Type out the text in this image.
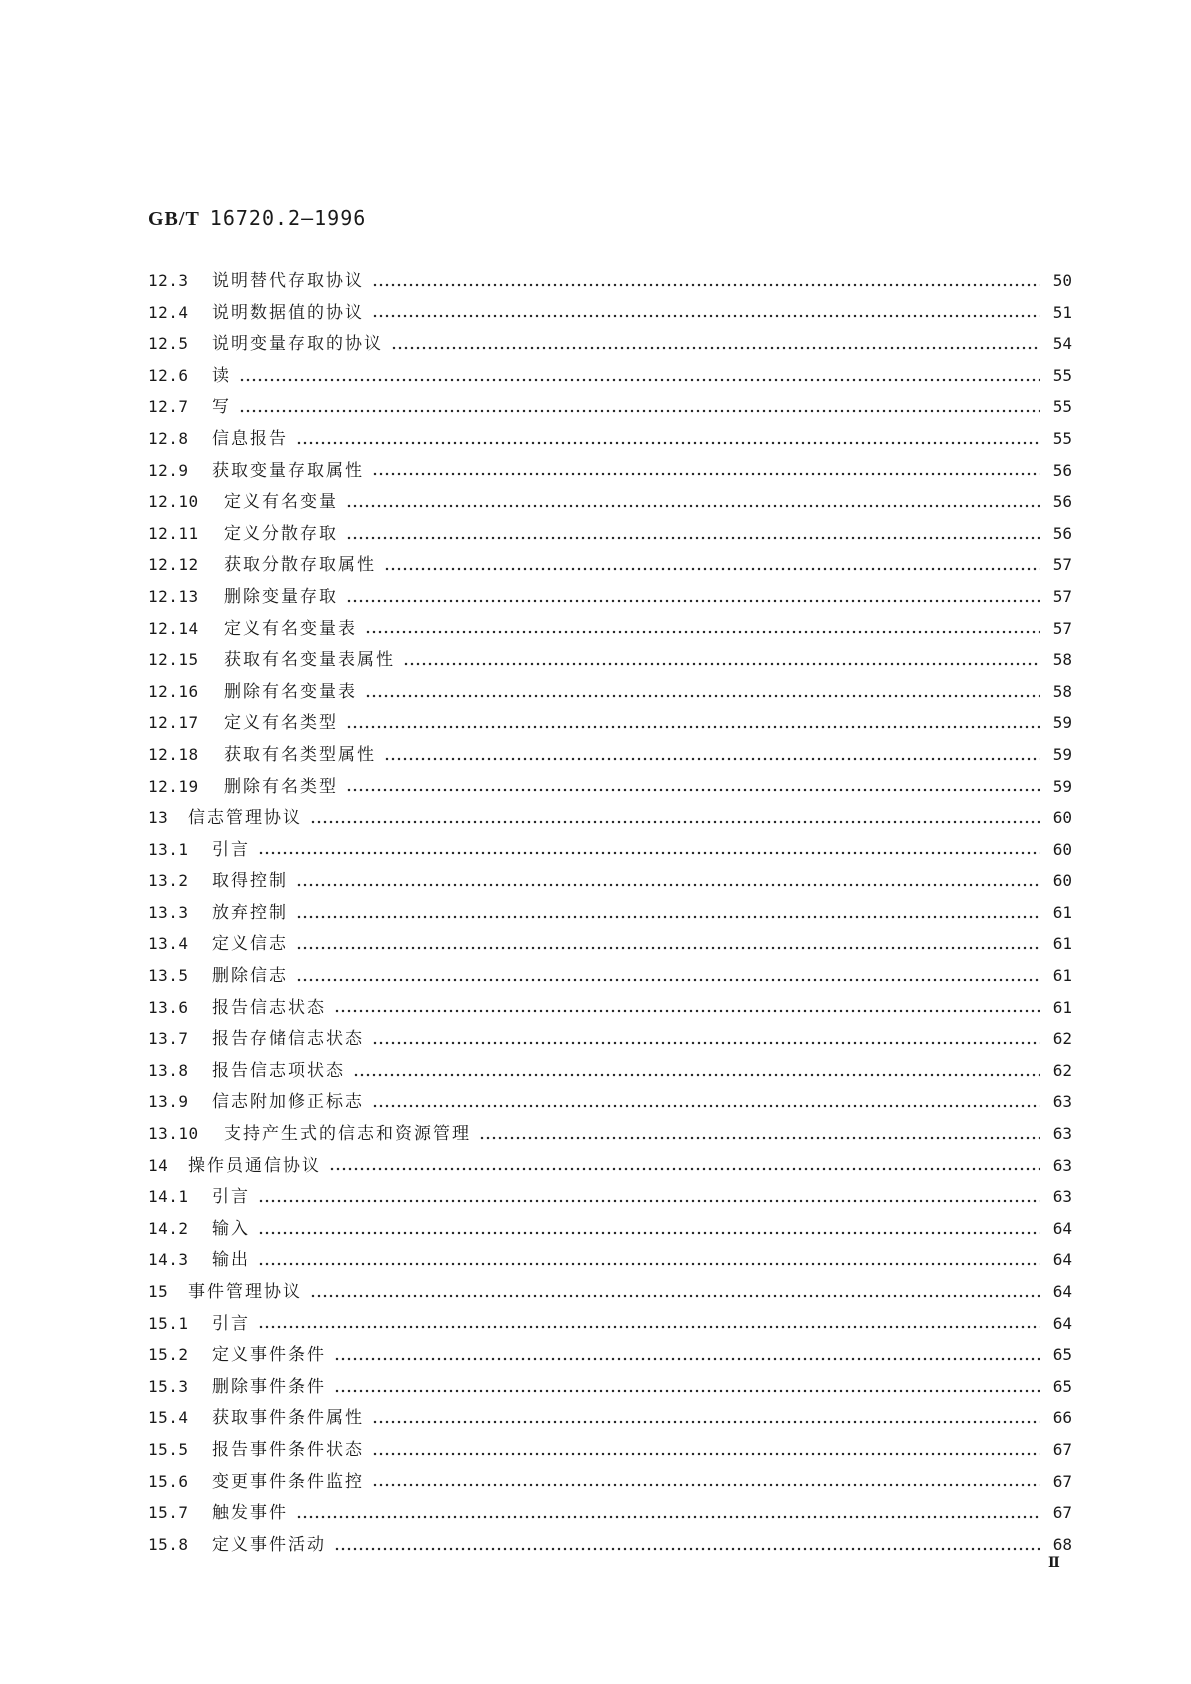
GB/T 16720.2—1996
12.3	说明替代存取协议	50
12.4	说明数据值的协议	51
12.5	说明变量存取的协议	54
12.6	读	55
12.7	写	55
12.8	信息报告	55
12.9	获取变量存取属性	56
12.10	定义有名变量	56
12.11	定义分散存取	56
12.12	获取分散存取属性	57
12.13	删除变量存取	57
12.14	定义有名变量表	57
12.15	获取有名变量表属性	58
12.16	删除有名变量表	58
12.17	定义有名类型	59
12.18	获取有名类型属性	59
12.19	删除有名类型	59
13	信志管理协议	60
13.1	引言	60
13.2	取得控制	60
13.3	放弃控制	61
13.4	定义信志	61
13.5	删除信志	61
13.6	报告信志状态	61
13.7	报告存储信志状态	62
13.8	报告信志项状态	62
13.9	信志附加修正标志	63
13.10	支持产生式的信志和资源管理	63
14	操作员通信协议	63
14.1	引言	63
14.2	输入	64
14.3	输出	64
15	事件管理协议	64
15.1	引言	64
15.2	定义事件条件	65
15.3	删除事件条件	65
15.4	获取事件条件属性	66
15.5	报告事件条件状态	67
15.6	变更事件条件监控	67
15.7	触发事件	67
15.8	定义事件活动	68
Ⅱ
